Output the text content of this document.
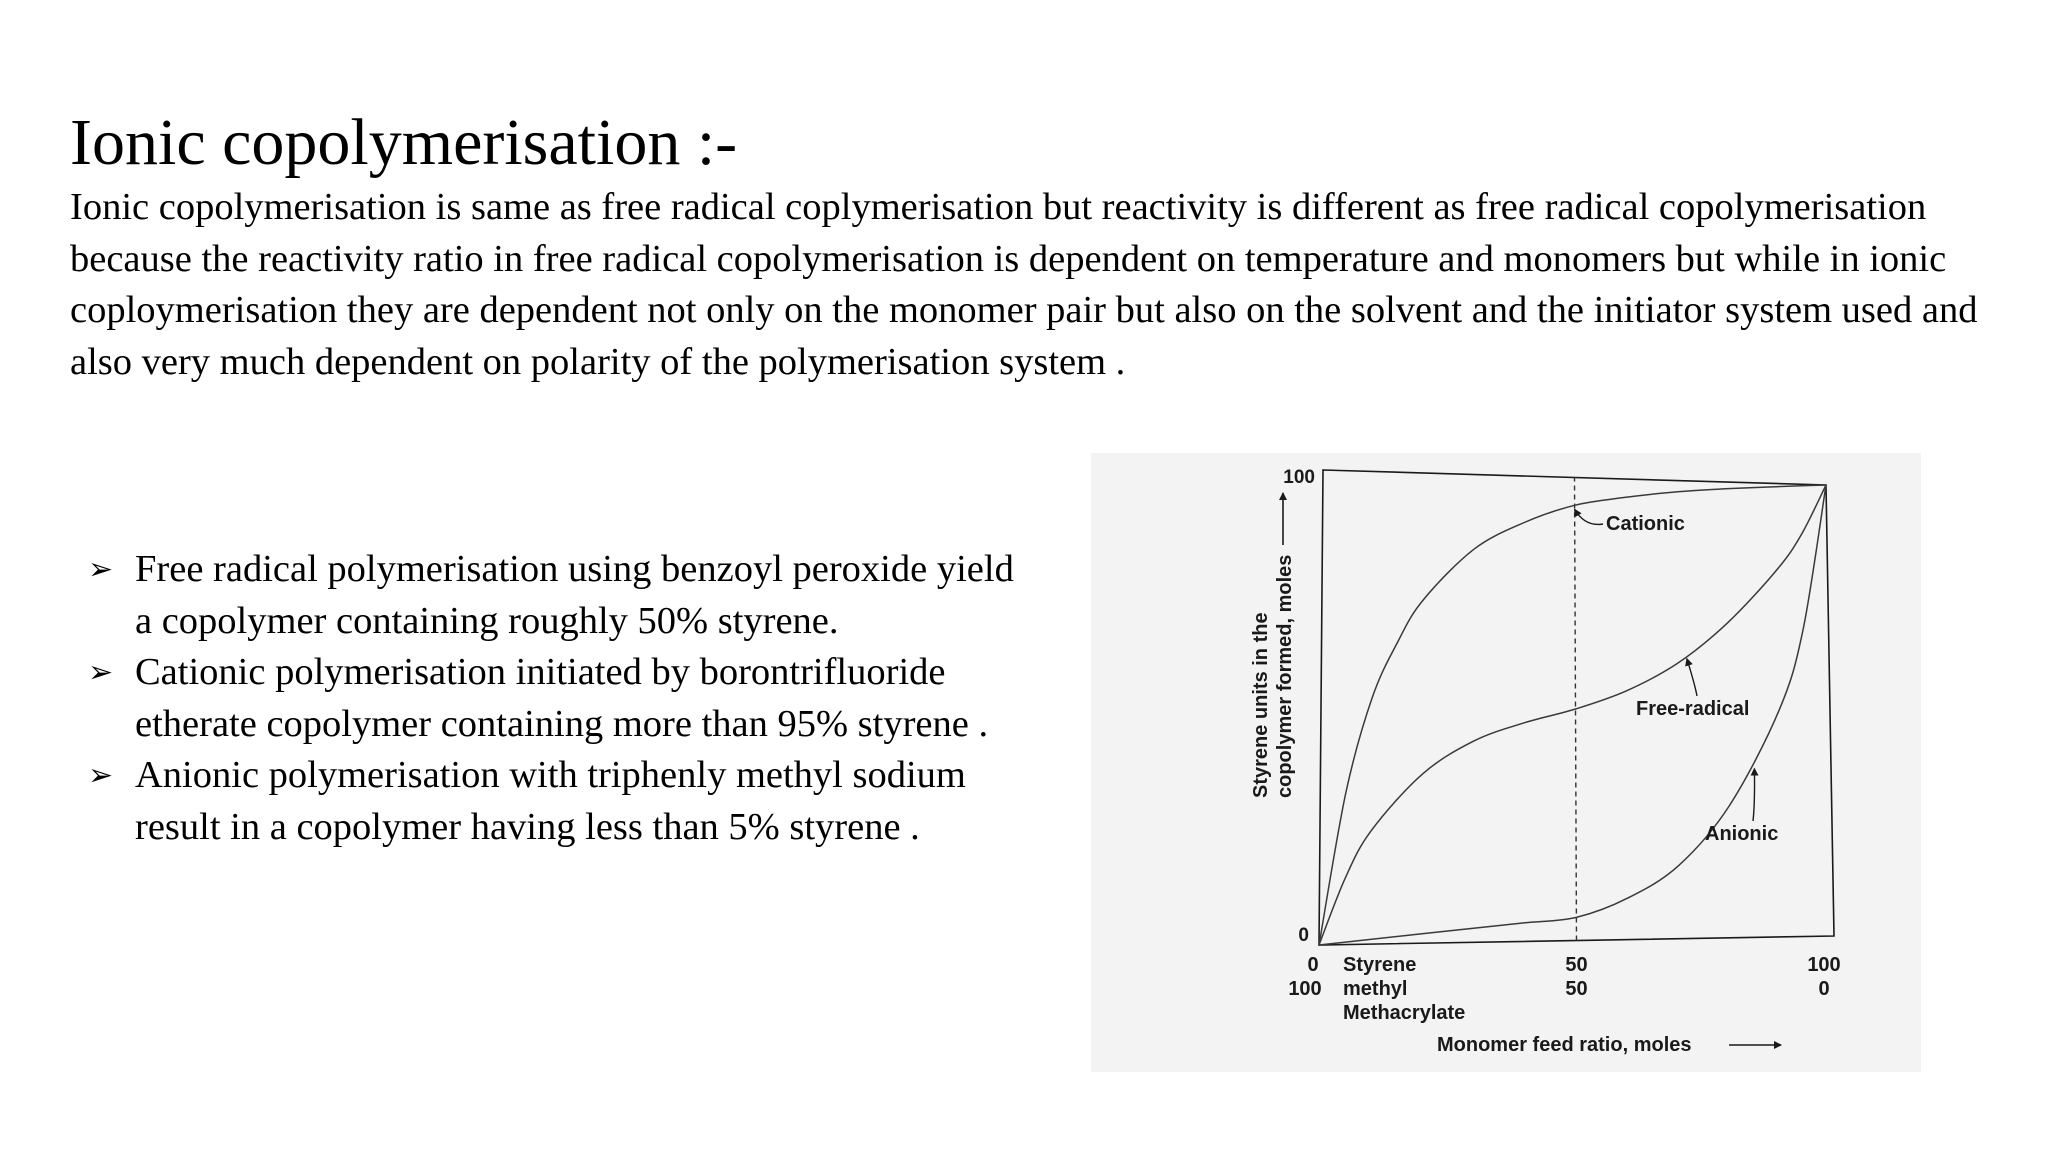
Ionic copolymerisation :-
Ionic copolymerisation is same as free radical coplymerisation but reactivity is different as free radical copolymerisation because the reactivity ratio in free radical copolymerisation is dependent on temperature and monomers but while in ionic coploymerisation they are dependent not only on the monomer pair but also on the solvent and the initiator system used and also very much dependent on polarity of the polymerisation system .
➢ Free radical polymerisation using benzoyl peroxide yield a copolymer containing roughly 50% styrene.
➢ Cationic polymerisation initiated by borontrifluoride etherate copolymer containing more than 95% styrene .
➢ Anionic polymerisation with triphenly methyl sodium result in a copolymer having less than 5% styrene .
0
100
0
100
50
50
100
0
Styrene
methyl
Methacrylate
Monomer feed ratio, moles
Styrene units in the copolymer formed, moles
Cationic
Free-radical
Anionic
